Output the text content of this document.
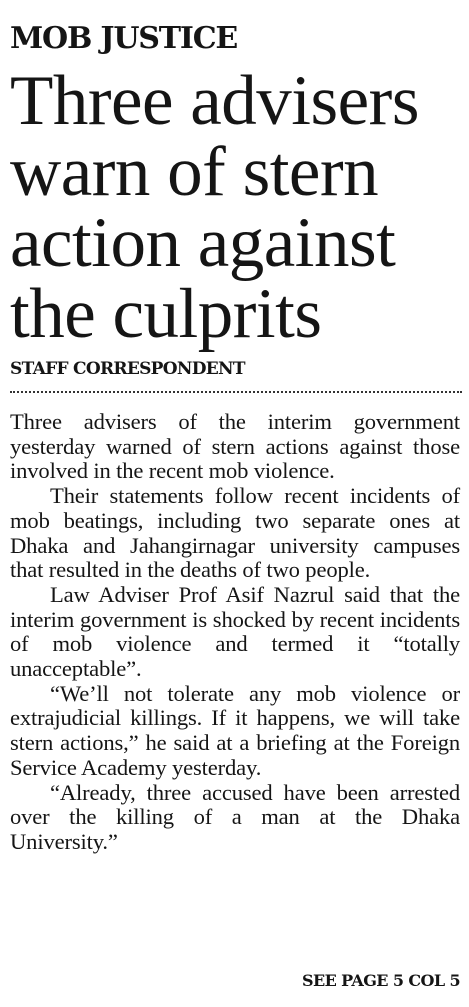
MOB JUSTICE
Three advisers
warn of stern
action against
the culprits
STAFF CORRESPONDENT

Three advisers of the interim government yesterday warned of stern actions against those involved in the recent mob violence.

Their statements follow recent incidents of mob beatings, including two separate ones at Dhaka and Jahangirnagar university campuses that resulted in the deaths of two people.

Law Adviser Prof Asif Nazrul said that the interim government is shocked by recent incidents of mob violence and termed it “totally unacceptable”.

“We’ll not tolerate any mob violence or extrajudicial killings. If it happens, we will take stern actions,” he said at a briefing at the Foreign Service Academy yesterday.

“Already, three accused have been arrested over the killing of a man at the Dhaka University.”

SEE PAGE 5 COL 5
